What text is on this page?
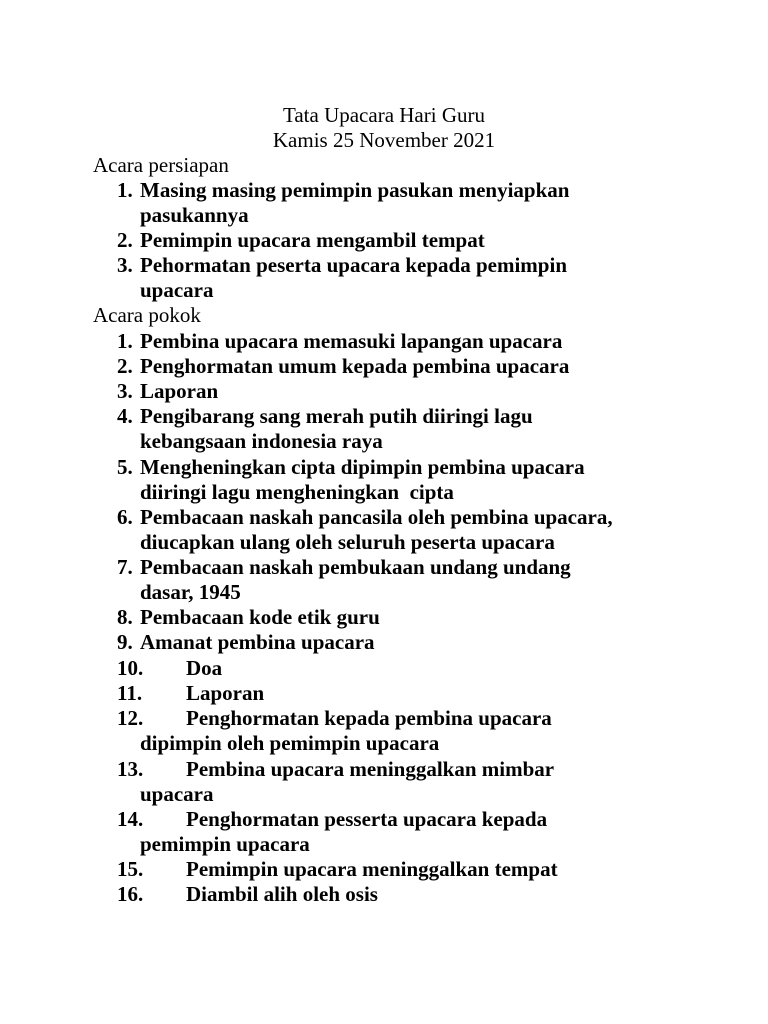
Tata Upacara Hari Guru
Kamis 25 November 2021
Acara persiapan
1. Masing masing pemimpin pasukan menyiapkan
pasukannya
2. Pemimpin upacara mengambil tempat
3. Pehormatan peserta upacara kepada pemimpin
upacara
Acara pokok
1. Pembina upacara memasuki lapangan upacara
2. Penghormatan umum kepada pembina upacara
3. Laporan
4. Pengibarang sang merah putih diiringi lagu
kebangsaan indonesia raya
5. Mengheningkan cipta dipimpin pembina upacara
diiringi lagu mengheningkan  cipta
6. Pembacaan naskah pancasila oleh pembina upacara,
diucapkan ulang oleh seluruh peserta upacara
7. Pembacaan naskah pembukaan undang undang
dasar, 1945
8. Pembacaan kode etik guru
9. Amanat pembina upacara
10. Doa
11. Laporan
12. Penghormatan kepada pembina upacara
dipimpin oleh pemimpin upacara
13. Pembina upacara meninggalkan mimbar
upacara
14. Penghormatan pesserta upacara kepada
pemimpin upacara
15. Pemimpin upacara meninggalkan tempat
16. Diambil alih oleh osis
